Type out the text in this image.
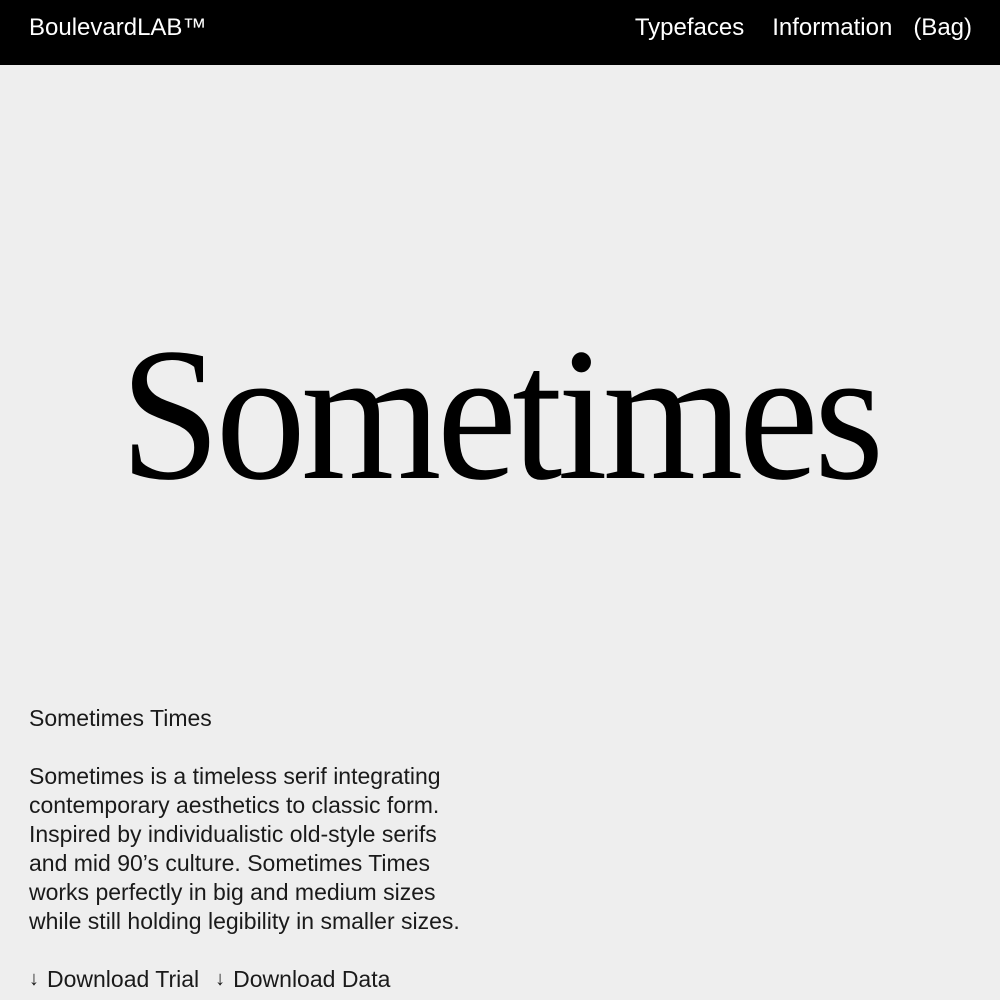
BoulevardLAB™	Typefaces Information (Bag)
Sometimes
Sometimes Times
Sometimes is a timeless serif integrating contemporary aesthetics to classic form. Inspired by individualistic old-style serifs and mid 90’s culture. Sometimes Times works perfectly in big and medium sizes while still holding legibility in smaller sizes.
↓ Download Trial ↓ Download Data
